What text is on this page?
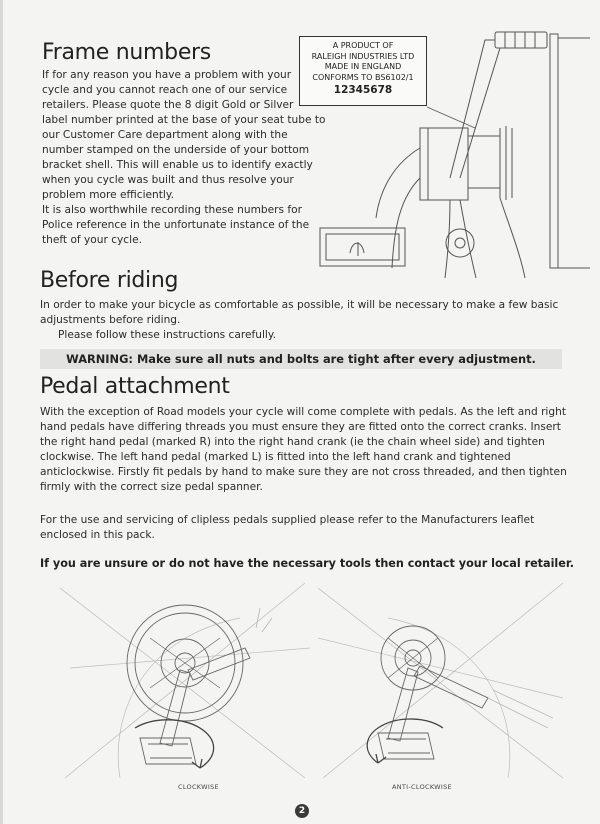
Frame numbers
If for any reason you have a problem with your
cycle and you cannot reach one of our service
retailers. Please quote the 8 digit Gold or Silver
label number printed at the base of your seat tube to
our Customer Care department along with the
number stamped on the underside of your bottom
bracket shell. This will enable us to identify exactly
when you cycle was built and thus resolve your
problem more efficiently.
It is also worthwhile recording these numbers for
Police reference in the unfortunate instance of the
theft of your cycle.
A PRODUCT OF
RALEIGH INDUSTRIES LTD
MADE IN ENGLAND
CONFORMS TO BS6102/1
12345678
Before riding
In order to make your bicycle as comfortable as possible, it will be necessary to make a few basic
adjustments before riding.
Please follow these instructions carefully.
WARNING: Make sure all nuts and bolts are tight after every adjustment.
Pedal attachment
With the exception of Road models your cycle will come complete with pedals. As the left and right
hand pedals have differing threads you must ensure they are fitted onto the correct cranks. Insert
the right hand pedal (marked R) into the right hand crank (ie the chain wheel side) and tighten
clockwise. The left hand pedal (marked L) is fitted into the left hand crank and tightened
anticlockwise. Firstly fit pedals by hand to make sure they are not cross threaded, and then tighten
firmly with the correct size pedal spanner.
For the use and servicing of clipless pedals supplied please refer to the Manufacturers leaflet
enclosed in this pack.
If you are unsure or do not have the necessary tools then contact your local retailer.
CLOCKWISE	ANTI-CLOCKWISE
2
